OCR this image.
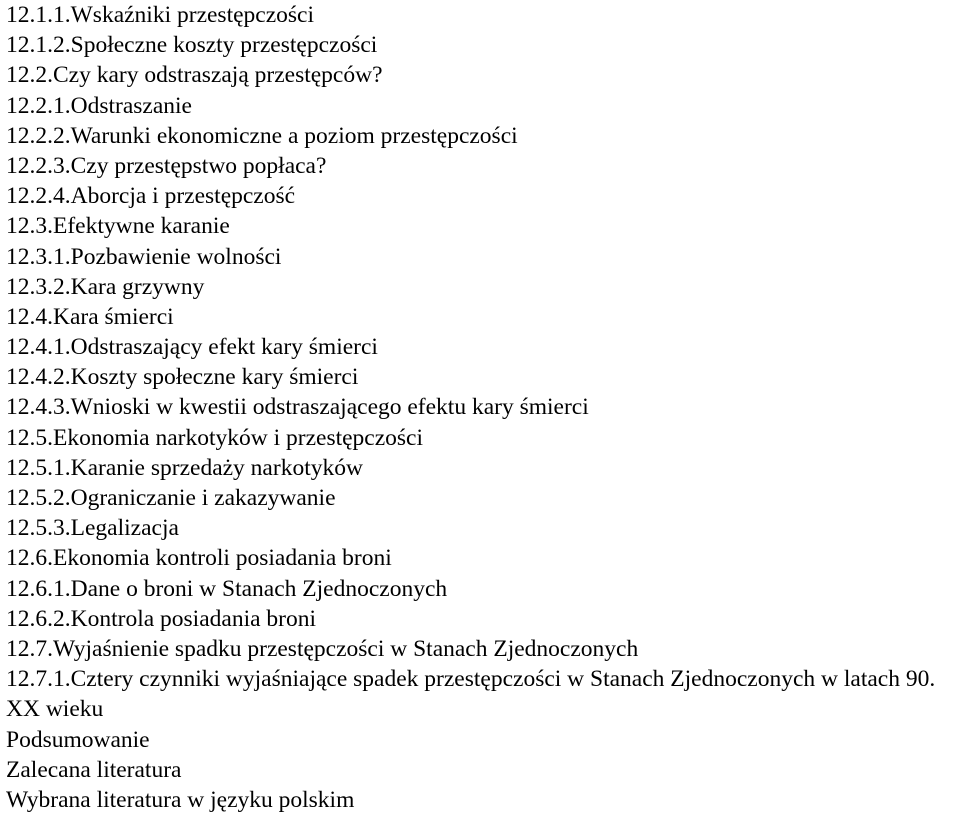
12.1.1.Wskaźniki przestępczości
12.1.2.Społeczne koszty przestępczości
12.2.Czy kary odstraszają przestępców?
12.2.1.Odstraszanie
12.2.2.Warunki ekonomiczne a poziom przestępczości
12.2.3.Czy przestępstwo popłaca?
12.2.4.Aborcja i przestępczość
12.3.Efektywne karanie
12.3.1.Pozbawienie wolności
12.3.2.Kara grzywny
12.4.Kara śmierci
12.4.1.Odstraszający efekt kary śmierci
12.4.2.Koszty społeczne kary śmierci
12.4.3.Wnioski w kwestii odstraszającego efektu kary śmierci
12.5.Ekonomia narkotyków i przestępczości
12.5.1.Karanie sprzedaży narkotyków
12.5.2.Ograniczanie i zakazywanie
12.5.3.Legalizacja
12.6.Ekonomia kontroli posiadania broni
12.6.1.Dane o broni w Stanach Zjednoczonych
12.6.2.Kontrola posiadania broni
12.7.Wyjaśnienie spadku przestępczości w Stanach Zjednoczonych
12.7.1.Cztery czynniki wyjaśniające spadek przestępczości w Stanach Zjednoczonych w latach 90. XX wieku
Podsumowanie
Zalecana literatura
Wybrana literatura w języku polskim
